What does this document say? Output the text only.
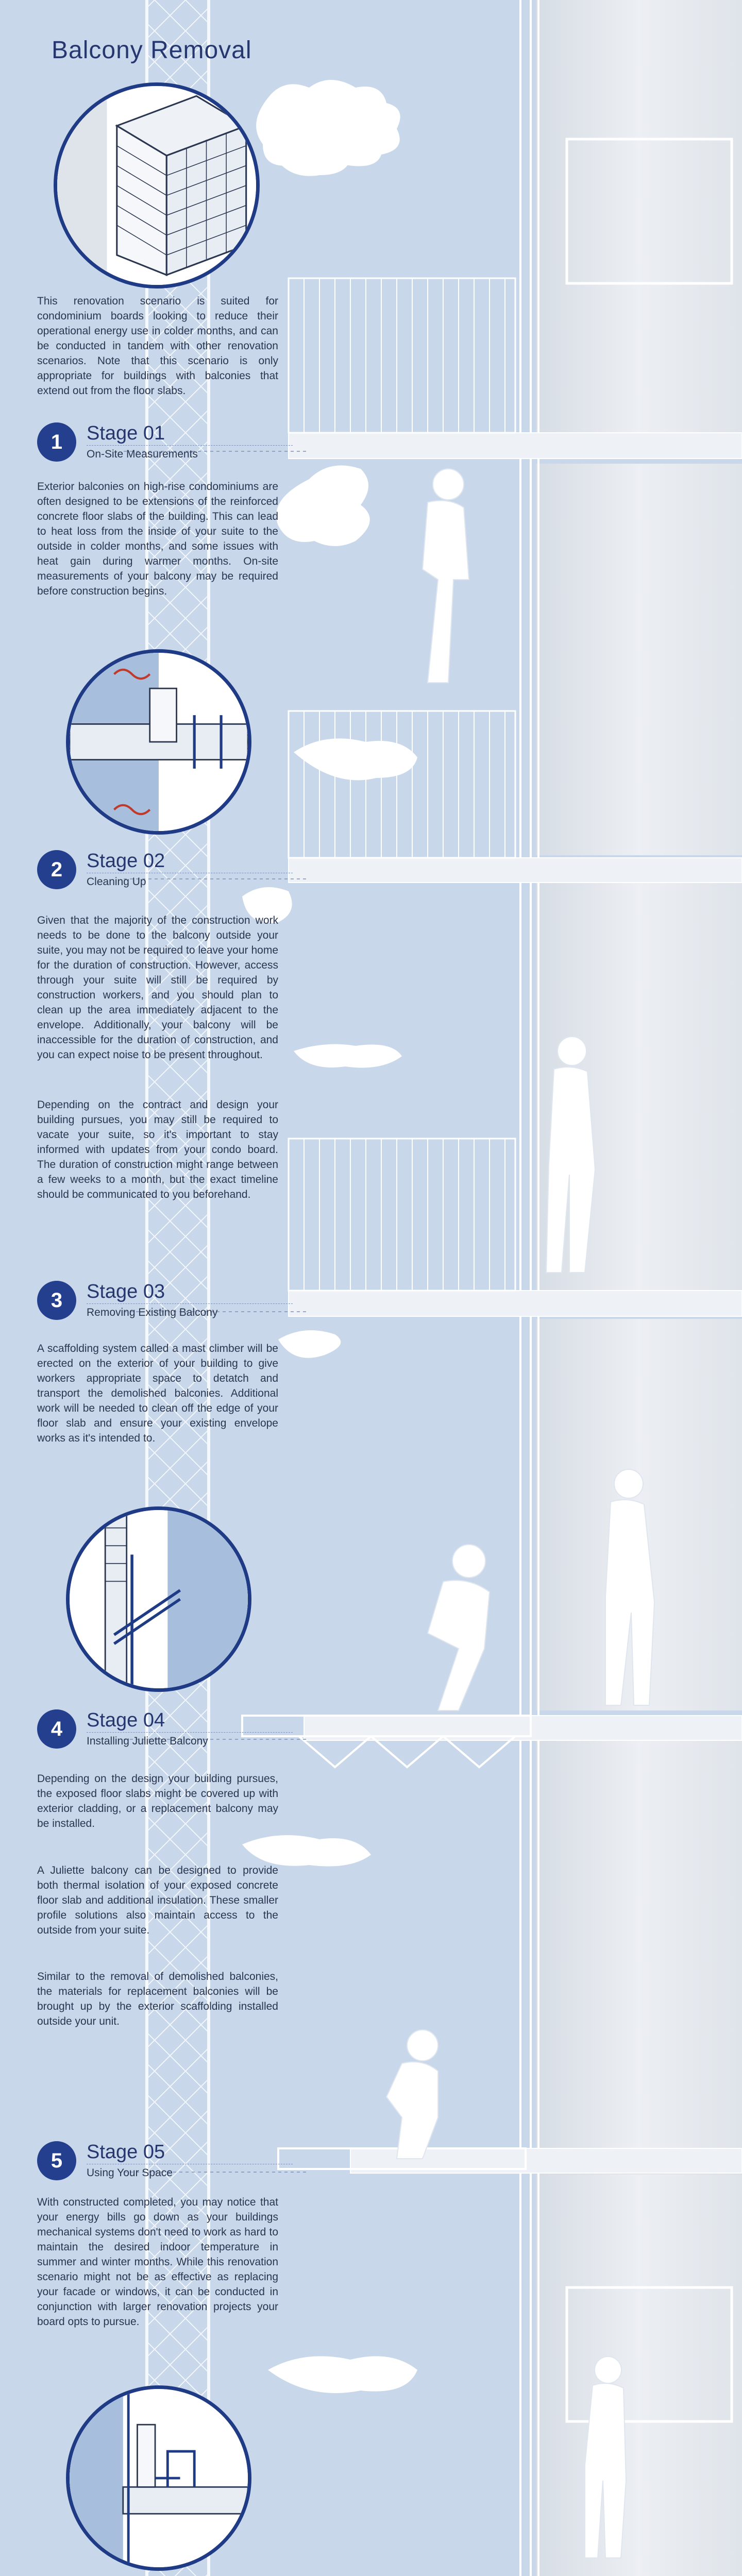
Balcony Removal
This renovation scenario is suited for condominium boards looking to reduce their operational energy use in colder months, and can be conducted in tandem with other renovation scenarios. Note that this scenario is only appropriate for buildings with balconies that extend out from the floor slabs.
1	Stage 01
On-Site Measurements
Exterior balconies on high-rise condominiums are often designed to be extensions of the reinforced concrete floor slabs of the building. This can lead to heat loss from the inside of your suite to the outside in colder months, and some issues with heat gain during warmer months. On-site measurements of your balcony may be required before construction begins.
2	Stage 02
Cleaning Up
Given that the majority of the construction work needs to be done to the balcony outside your suite, you may not be required to leave your home for the duration of construction. However, access through your suite will still be required by construction workers, and you should plan to clean up the area immediately adjacent to the envelope. Additionally, your balcony will be inaccessible for the duration of construction, and you can expect noise to be present throughout.
Depending on the contract and design your building pursues, you may still be required to vacate your suite, so it's important to stay informed with updates from your condo board. The duration of construction might range between a few weeks to a month, but the exact timeline should be communicated to you beforehand.
3	Stage 03
Removing Existing Balcony
A scaffolding system called a mast climber will be erected on the exterior of your building to give workers appropriate space to detatch and transport the demolished balconies. Additional work will be needed to clean off the edge of your floor slab and ensure your existing envelope works as it's intended to.
4	Stage 04
Installing Juliette Balcony
Depending on the design your building pursues, the exposed floor slabs might be covered up with exterior cladding, or a replacement balcony may be installed.
A Juliette balcony can be designed to provide both thermal isolation of your exposed concrete floor slab and additional insulation. These smaller profile solutions also maintain access to the outside from your suite.
Similar to the removal of demolished balconies, the materials for replacement balconies will be brought up by the exterior scaffolding installed outside your unit.
5	Stage 05
Using Your Space
With constructed completed, you may notice that your energy bills go down as your buildings mechanical systems don't need to work as hard to maintain the desired indoor temperature in summer and winter months. While this renovation scenario might not be as effective as replacing your facade or windows, it can be conducted in conjunction with larger renovation projects your board opts to pursue.
